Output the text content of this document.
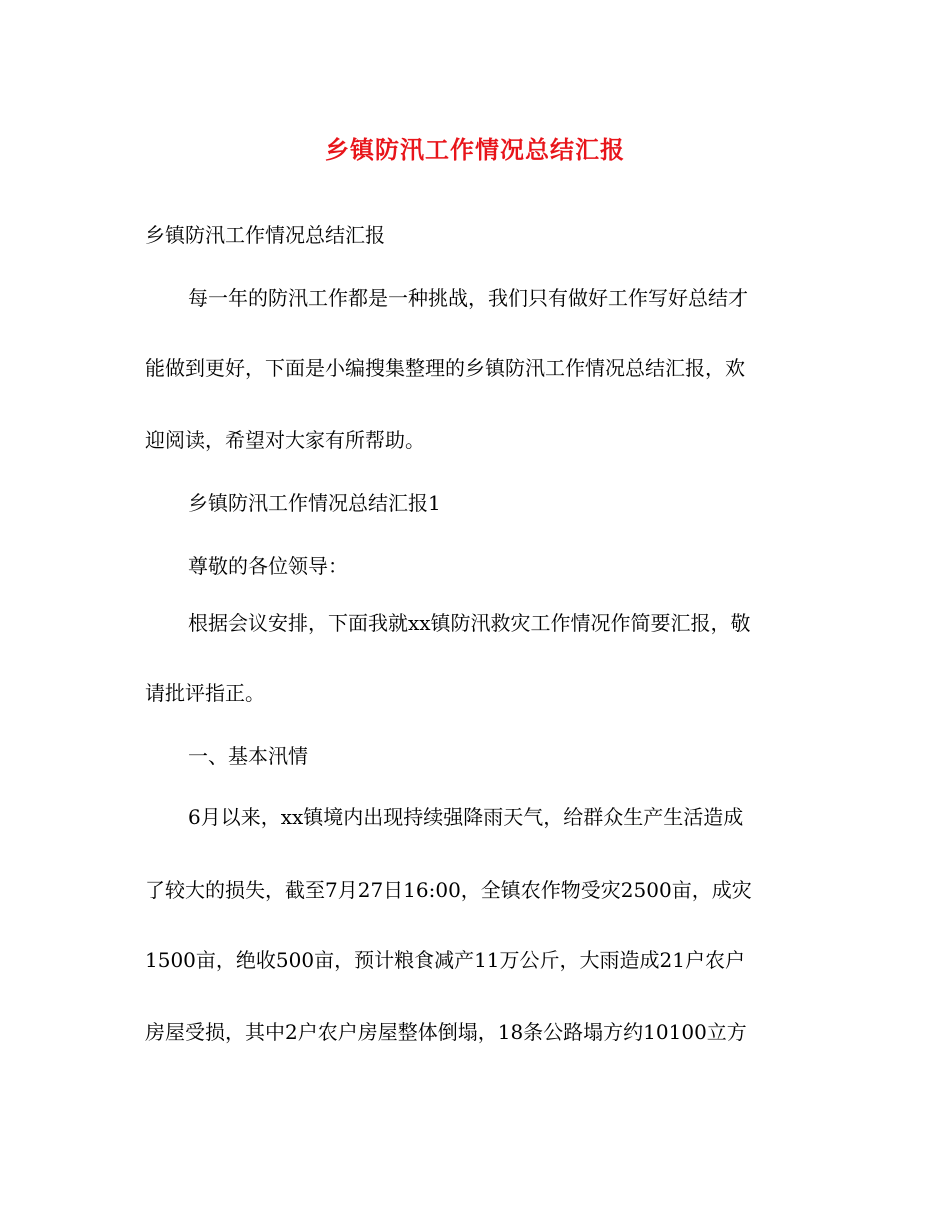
乡镇防汛工作情况总结汇报
乡镇防汛工作情况总结汇报
每一年的防汛工作都是一种挑战，我们只有做好工作写好总结才
能做到更好，下面是小编搜集整理的乡镇防汛工作情况总结汇报，欢
迎阅读，希望对大家有所帮助。
乡镇防汛工作情况总结汇报1
尊敬的各位领导：
根据会议安排，下面我就xx镇防汛救灾工作情况作简要汇报，敬
请批评指正。
一、基本汛情
6月以来，xx镇境内出现持续强降雨天气，给群众生产生活造成
了较大的损失，截至7月27日16:00，全镇农作物受灾2500亩，成灾
1500亩，绝收500亩，预计粮食减产11万公斤，大雨造成21户农户
房屋受损，其中2户农户房屋整体倒塌，18条公路塌方约10100立方
